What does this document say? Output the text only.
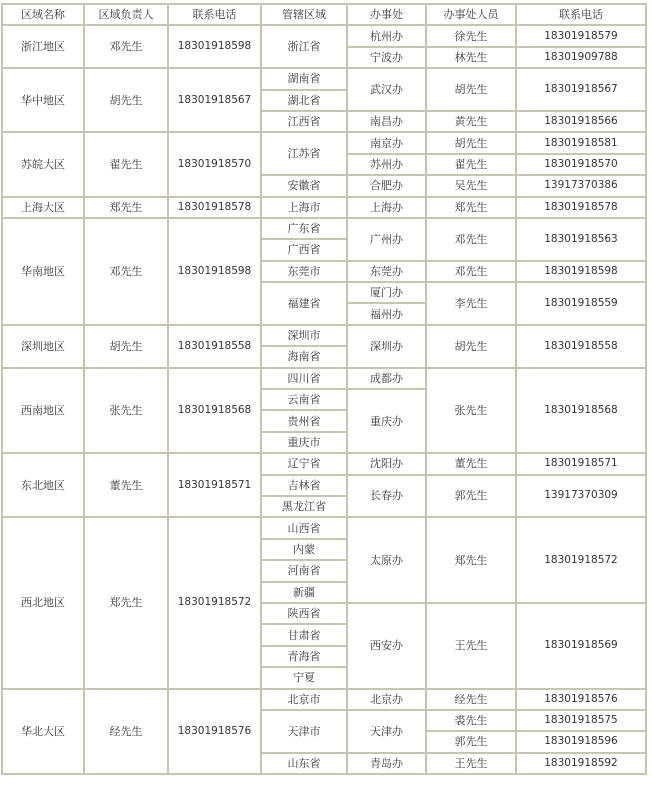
区域名称	区域负责人	联系电话	管辖区域	办事处	办事处人员	联系电话
浙江地区	邓先生	18301918598	浙江省	杭州办	徐先生	18301918579
				宁波办	林先生	18301909788
华中地区	胡先生	18301918567	湖南省	武汉办	胡先生	18301918567
			湖北省			
			江西省	南昌办	黄先生	18301918566
苏皖大区	翟先生	18301918570	江苏省	南京办	胡先生	18301918581
				苏州办	翟先生	18301918570
			安徽省	合肥办	吴先生	13917370386
上海大区	郑先生	18301918578	上海市	上海办	郑先生	18301918578
华南地区	邓先生	18301918598	广东省	广州办	邓先生	18301918563
			广西省			
			东莞市	东莞办	邓先生	18301918598
			福建省	厦门办	李先生	18301918559
				福州办		
深圳地区	胡先生	18301918558	深圳市	深圳办	胡先生	18301918558
			海南省			
西南地区	张先生	18301918568	四川省	成都办	张先生	18301918568
			云南省	重庆办		
			贵州省			
			重庆市			
东北地区	董先生	18301918571	辽宁省	沈阳办	董先生	18301918571
			吉林省	长春办	郭先生	13917370309
			黑龙江省			
西北地区	郑先生	18301918572	山西省	太原办	郑先生	18301918572
			内蒙			
			河南省			
			新疆			
			陕西省	西安办	王先生	18301918569
			甘肃省			
			青海省			
			宁夏			
华北大区	经先生	18301918576	北京市	北京办	经先生	18301918576
			天津市	天津办	裘先生	18301918575
					郭先生	18301918596
			山东省	青岛办	王先生	18301918592
